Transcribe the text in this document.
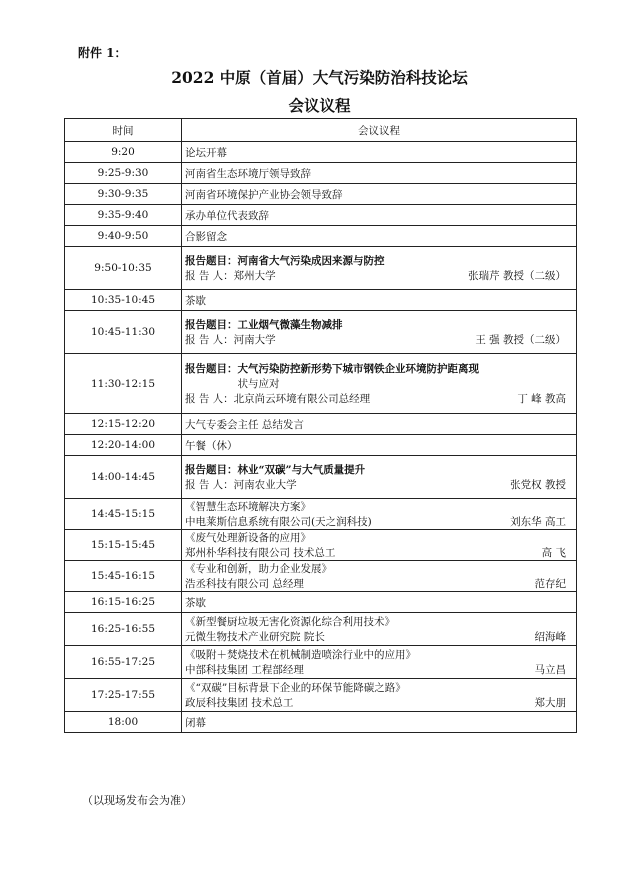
附件 1：
2022 中原（首届）大气污染防治科技论坛
会议议程
时间	会议议程
9:20	论坛开幕

9:25-9:30	河南省生态环境厅领导致辞

9:30-9:35	河南省环境保护产业协会领导致辞

9:35-9:40	承办单位代表致辞

9:40-9:50	合影留念

9:50-10:35	报告题目：河南省大气污染成因来源与防控
报 告 人：郑州大学 张瑞芹 教授（二级）

10:35-10:45	茶歇

10:45-11:30	报告题目：工业烟气微藻生物减排
报 告 人：河南大学 王 强 教授（二级）

11:30-12:15	报告题目：大气污染防控新形势下城市钢铁企业环境防护距离现
　　　　　状与应对
报 告 人：北京尚云环境有限公司总经理 丁 峰 教高

12:15-12:20	大气专委会主任 总结发言

12:20-14:00	午餐（休）

14:00-14:45	报告题目：林业“双碳”与大气质量提升
报 告 人：河南农业大学 张党权 教授

14:45-15:15	《智慧生态环境解决方案》
中电莱斯信息系统有限公司(天之润科技) 刘东华 高工

15:15-15:45	《废气处理新设备的应用》
郑州朴华科技有限公司 技术总工 高 飞

15:45-16:15	《专业和创新，助力企业发展》
浩丞科技有限公司 总经理 范存纪

16:15-16:25	茶歇

16:25-16:55	《新型餐厨垃圾无害化资源化综合利用技术》
元微生物技术产业研究院 院长 绍海峰

16:55-17:25	《吸附＋焚烧技术在机械制造喷涂行业中的应用》
中部科技集团 工程部经理 马立昌

17:25-17:55	《“双碳”目标背景下企业的环保节能降碳之路》
政辰科技集团 技术总工 郑大朋

18:00	闭幕
（以现场发布会为准）
